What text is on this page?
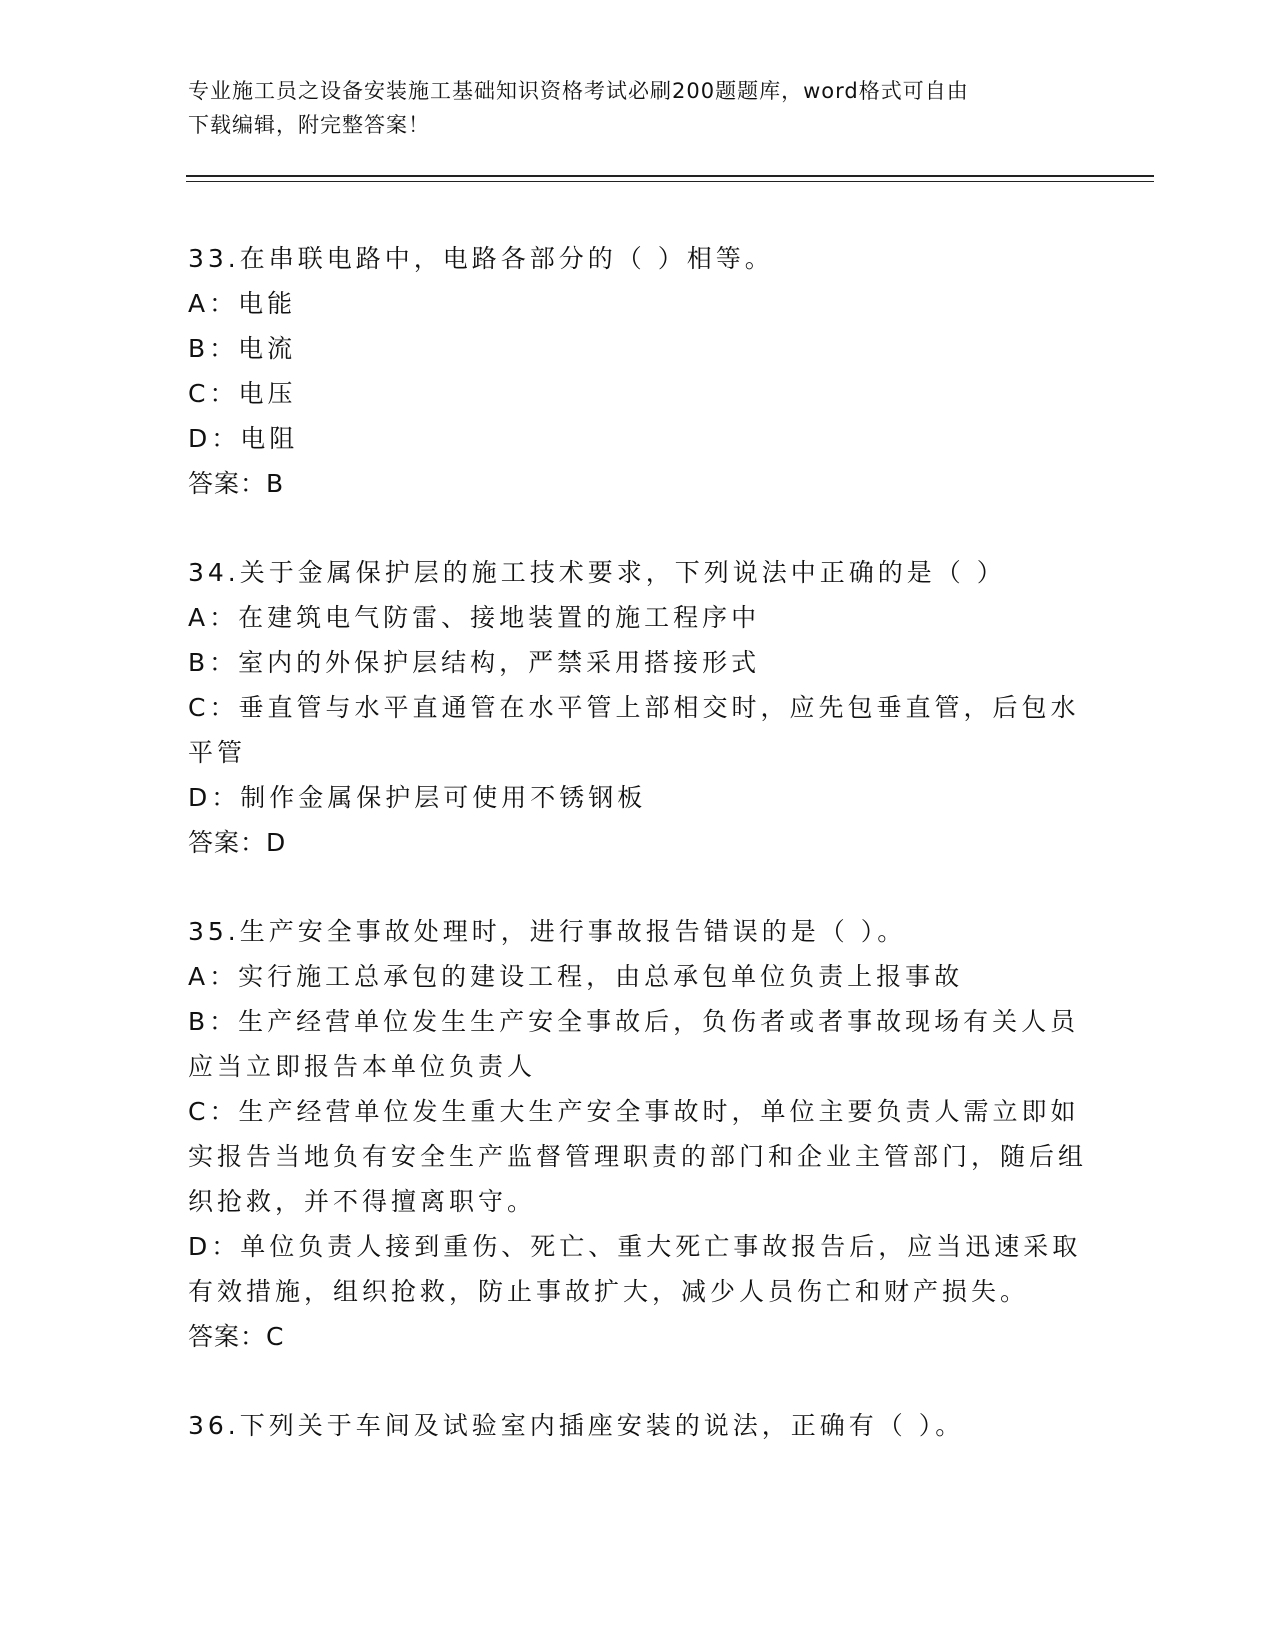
专业施工员之设备安装施工基础知识资格考试必刷200题题库，word格式可自由
下载编辑，附完整答案！
33.在串联电路中，电路各部分的（ ）相等。
A：电能
B：电流
C：电压
D：电阻
答案：B
34.关于金属保护层的施工技术要求，下列说法中正确的是（ ）
A：在建筑电气防雷、接地装置的施工程序中
B：室内的外保护层结构，严禁采用搭接形式
C：垂直管与水平直通管在水平管上部相交时，应先包垂直管，后包水平管
D：制作金属保护层可使用不锈钢板
答案：D
35.生产安全事故处理时，进行事故报告错误的是（ ）。
A：实行施工总承包的建设工程，由总承包单位负责上报事故
B：生产经营单位发生生产安全事故后，负伤者或者事故现场有关人员应当立即报告本单位负责人
C：生产经营单位发生重大生产安全事故时，单位主要负责人需立即如实报告当地负有安全生产监督管理职责的部门和企业主管部门，随后组织抢救，并不得擅离职守。
D：单位负责人接到重伤、死亡、重大死亡事故报告后，应当迅速采取有效措施，组织抢救，防止事故扩大，减少人员伤亡和财产损失。
答案：C
36.下列关于车间及试验室内插座安装的说法，正确有（ ）。
